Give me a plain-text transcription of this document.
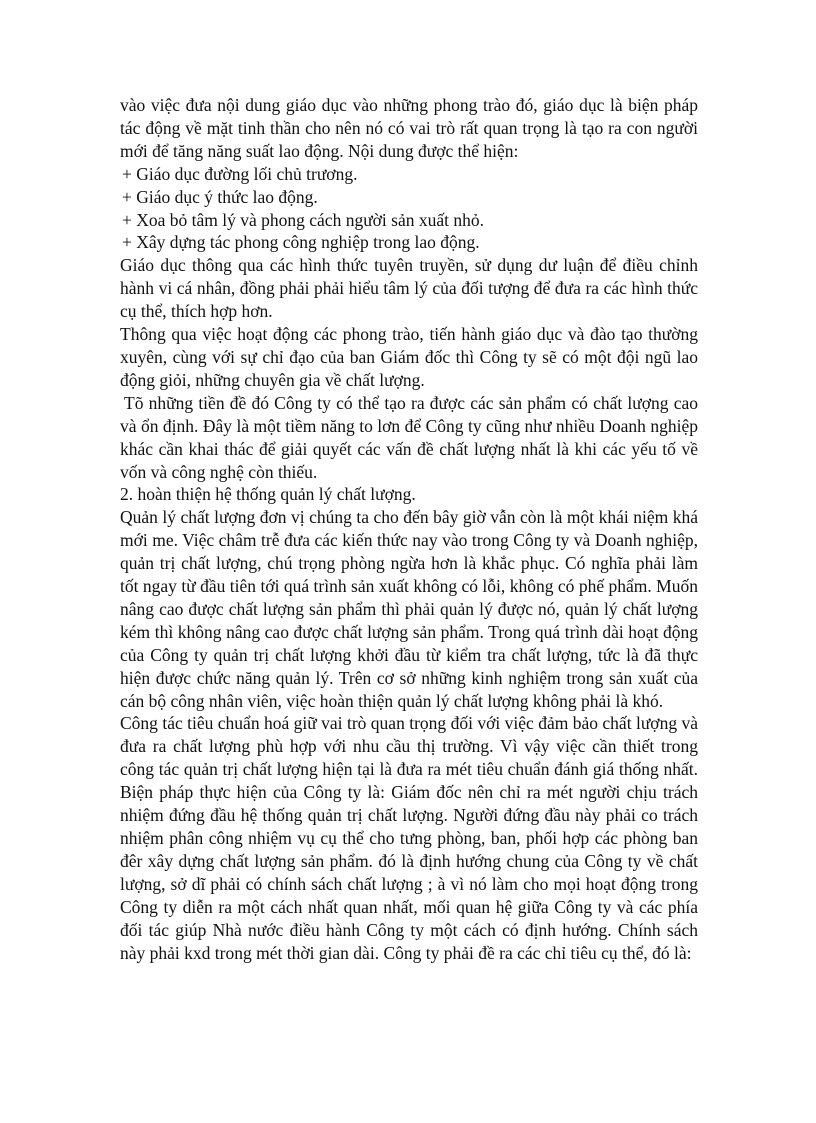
vào việc đưa nội dung giáo dục vào những phong trào đó, giáo dục là biện pháp tác động về mặt tinh thần cho nên nó có vai trò rất quan trọng là tạo ra con người mới để tăng năng suất lao động. Nội dung được thể hiện:

+ Giáo dục đường lối chủ trương.

+ Giáo dục ý thức lao động.

+ Xoa bỏ tâm lý và phong cách người sản xuất nhỏ.

+ Xây dựng tác phong công nghiệp trong lao động.

Giáo dục thông qua các hình thức tuyên truyền, sử dụng dư luận để điều chỉnh hành vi cá nhân, đồng phải phải hiểu tâm lý của đối tượng để đưa ra các hình thức cụ thể, thích hợp hơn.

Thông qua việc hoạt động các phong trào, tiến hành giáo dục và đào tạo thường xuyên, cùng với sự chỉ đạo của ban Giám đốc thì Công ty sẽ có một đội ngũ lao động giỏi, những chuyên gia về chất lượng.

Tõ những tiền đề đó Công ty có thể tạo ra được các sản phẩm có chất lượng cao và ổn định. Đây là một tiềm năng to lơn để Công ty cũng như nhiều Doanh nghiệp khác cần khai thác để giải quyết các vấn đề chất lượng nhất là khi các yếu tố về vốn và công nghệ còn thiếu.

2. hoàn thiện hệ thống quản lý chất lượng.

Quản lý chất lượng đơn vị chúng ta cho đến bây giờ vẫn còn là một khái niệm khá mới me. Việc châm trễ đưa các kiến thức nay vào trong Công ty và Doanh nghiệp, quản trị chất lượng, chú trọng phòng ngừa hơn là khắc phục. Có nghĩa phải làm tốt ngay từ đầu tiên tới quá trình sản xuất không có lỗi, không có phế phẩm. Muốn nâng cao được chất lượng sản phẩm thì phải quản lý được nó, quản lý chất lượng kém thì không nâng cao được chất lượng sản phẩm. Trong quá trình dài hoạt động của Công ty quản trị chất lượng khởi đầu từ kiểm tra chất lượng, tức là đã thực hiện được chức năng quản lý. Trên cơ sở những kinh nghiệm trong sản xuất của cán bộ công nhân viên, việc hoàn thiện quản lý chất lượng không phải là khó.

Công tác tiêu chuẩn hoá giữ vai trò quan trọng đối với việc đảm bảo chất lượng và đưa ra chất lượng phù hợp với nhu cầu thị trường. Vì vậy việc cần thiết trong công tác quản trị chất lượng hiện tại là đưa ra mét tiêu chuẩn đánh giá thống nhất. Biện pháp thực hiện của Công ty là: Giám đốc nên chỉ ra mét người chịu trách nhiệm đứng đầu hệ thống quản trị chất lượng. Người đứng đầu này phải co trách nhiệm phân công nhiệm vụ cụ thể cho tưng phòng, ban, phối hợp các phòng ban đêr xây dựng chất lượng sản phẩm. đó là định hướng chung của Công ty về chất lượng, sở dĩ phải có chính sách chất lượng ; à vì nó làm cho mọi hoạt động trong Công ty diễn ra một cách nhất quan nhất, mối quan hệ giữa Công ty và các phía đối tác giúp Nhà nước điều hành Công ty một cách có định hướng. Chính sách này phải kxd trong mét thời gian dài. Công ty phải đề ra các chỉ tiêu cụ thể, đó là:
